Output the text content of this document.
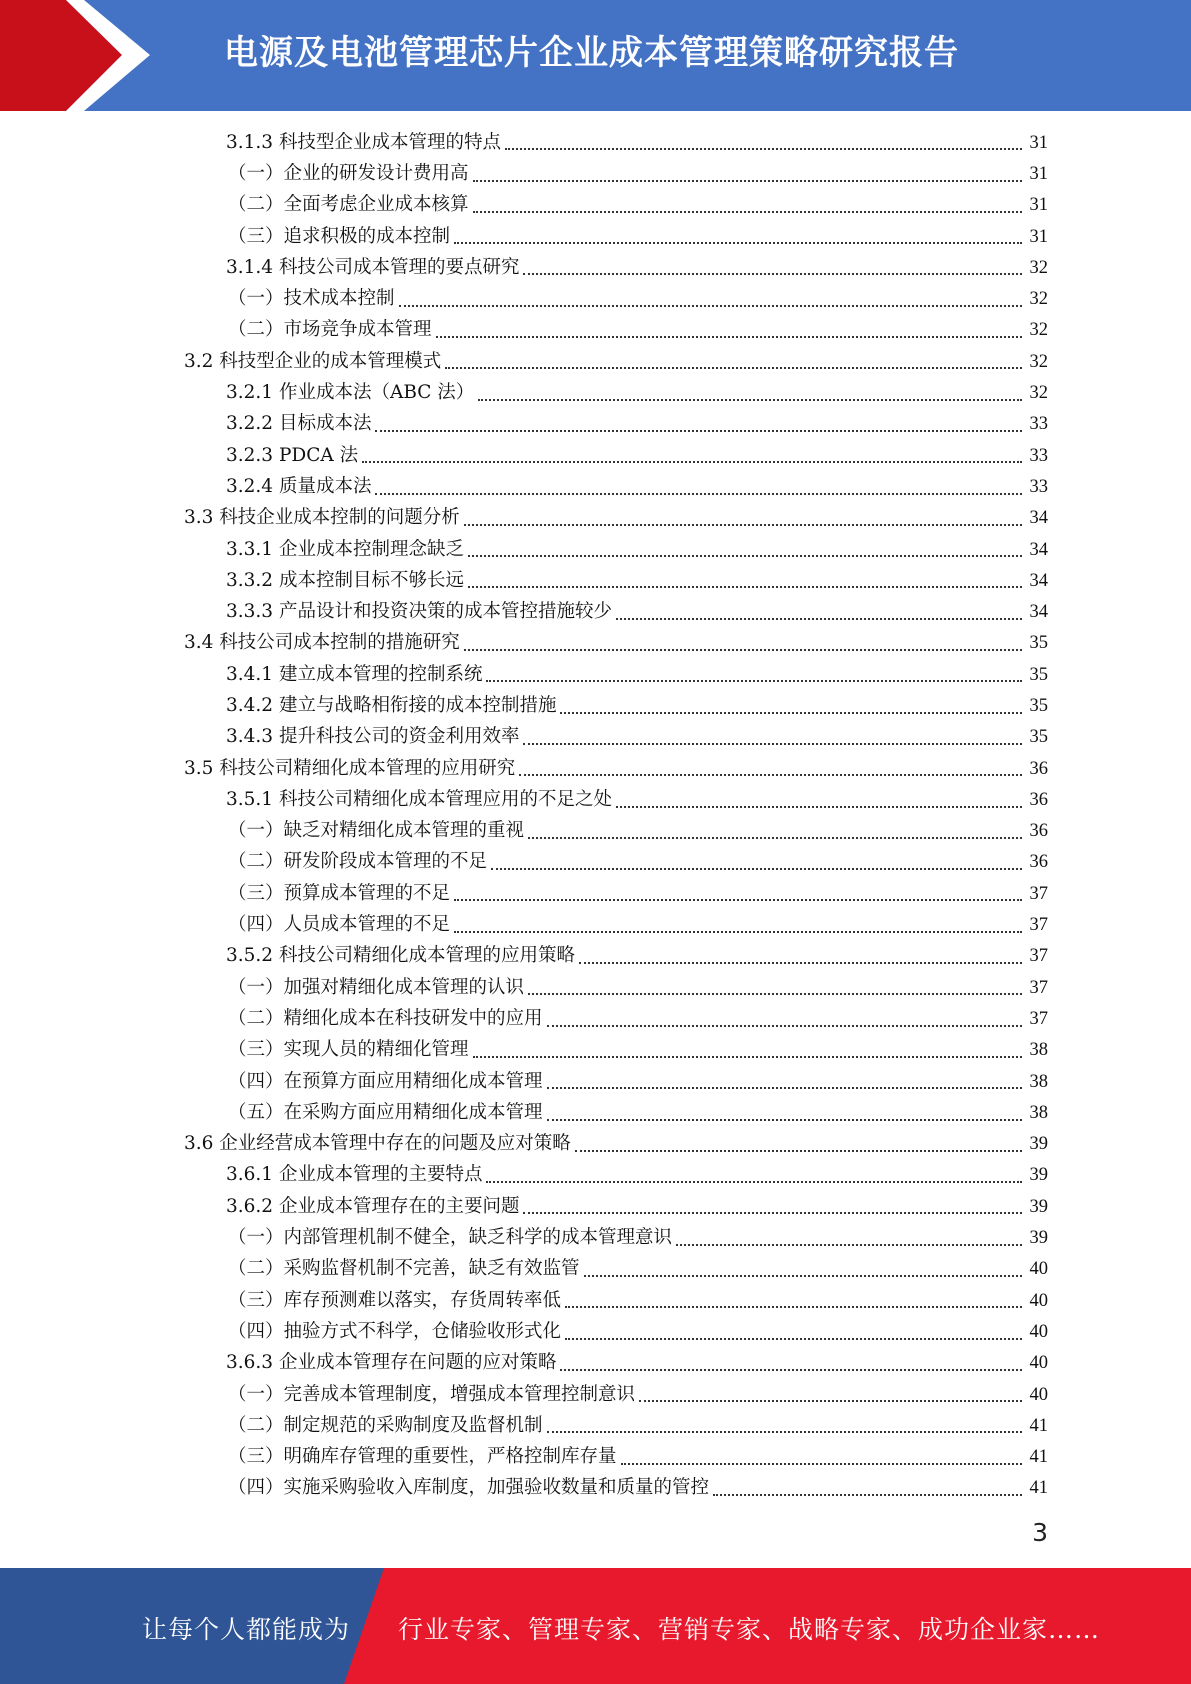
电源及电池管理芯片企业成本管理策略研究报告
3.1.3 科技型企业成本管理的特点	31
（一）企业的研发设计费用高	31
（二）全面考虑企业成本核算	31
（三）追求积极的成本控制	31
3.1.4 科技公司成本管理的要点研究	32
（一）技术成本控制	32
（二）市场竞争成本管理	32
3.2 科技型企业的成本管理模式	32
3.2.1 作业成本法（ABC 法）	32
3.2.2 目标成本法	33
3.2.3 PDCA 法	33
3.2.4 质量成本法	33
3.3 科技企业成本控制的问题分析	34
3.3.1 企业成本控制理念缺乏	34
3.3.2 成本控制目标不够长远	34
3.3.3 产品设计和投资决策的成本管控措施较少	34
3.4 科技公司成本控制的措施研究	35
3.4.1 建立成本管理的控制系统	35
3.4.2 建立与战略相衔接的成本控制措施	35
3.4.3 提升科技公司的资金利用效率	35
3.5 科技公司精细化成本管理的应用研究	36
3.5.1 科技公司精细化成本管理应用的不足之处	36
（一）缺乏对精细化成本管理的重视	36
（二）研发阶段成本管理的不足	36
（三）预算成本管理的不足	37
（四）人员成本管理的不足	37
3.5.2 科技公司精细化成本管理的应用策略	37
（一）加强对精细化成本管理的认识	37
（二）精细化成本在科技研发中的应用	37
（三）实现人员的精细化管理	38
（四）在预算方面应用精细化成本管理	38
（五）在采购方面应用精细化成本管理	38
3.6 企业经营成本管理中存在的问题及应对策略	39
3.6.1 企业成本管理的主要特点	39
3.6.2 企业成本管理存在的主要问题	39
（一）内部管理机制不健全，缺乏科学的成本管理意识	39
（二）采购监督机制不完善，缺乏有效监管	40
（三）库存预测难以落实，存货周转率低	40
（四）抽验方式不科学，仓储验收形式化	40
3.6.3 企业成本管理存在问题的应对策略	40
（一）完善成本管理制度，增强成本管理控制意识	40
（二）制定规范的采购制度及监督机制	41
（三）明确库存管理的重要性，严格控制库存量	41
（四）实施采购验收入库制度，加强验收数量和质量的管控	41
3
让每个人都能成为 行业专家、管理专家、营销专家、战略专家、成功企业家……
